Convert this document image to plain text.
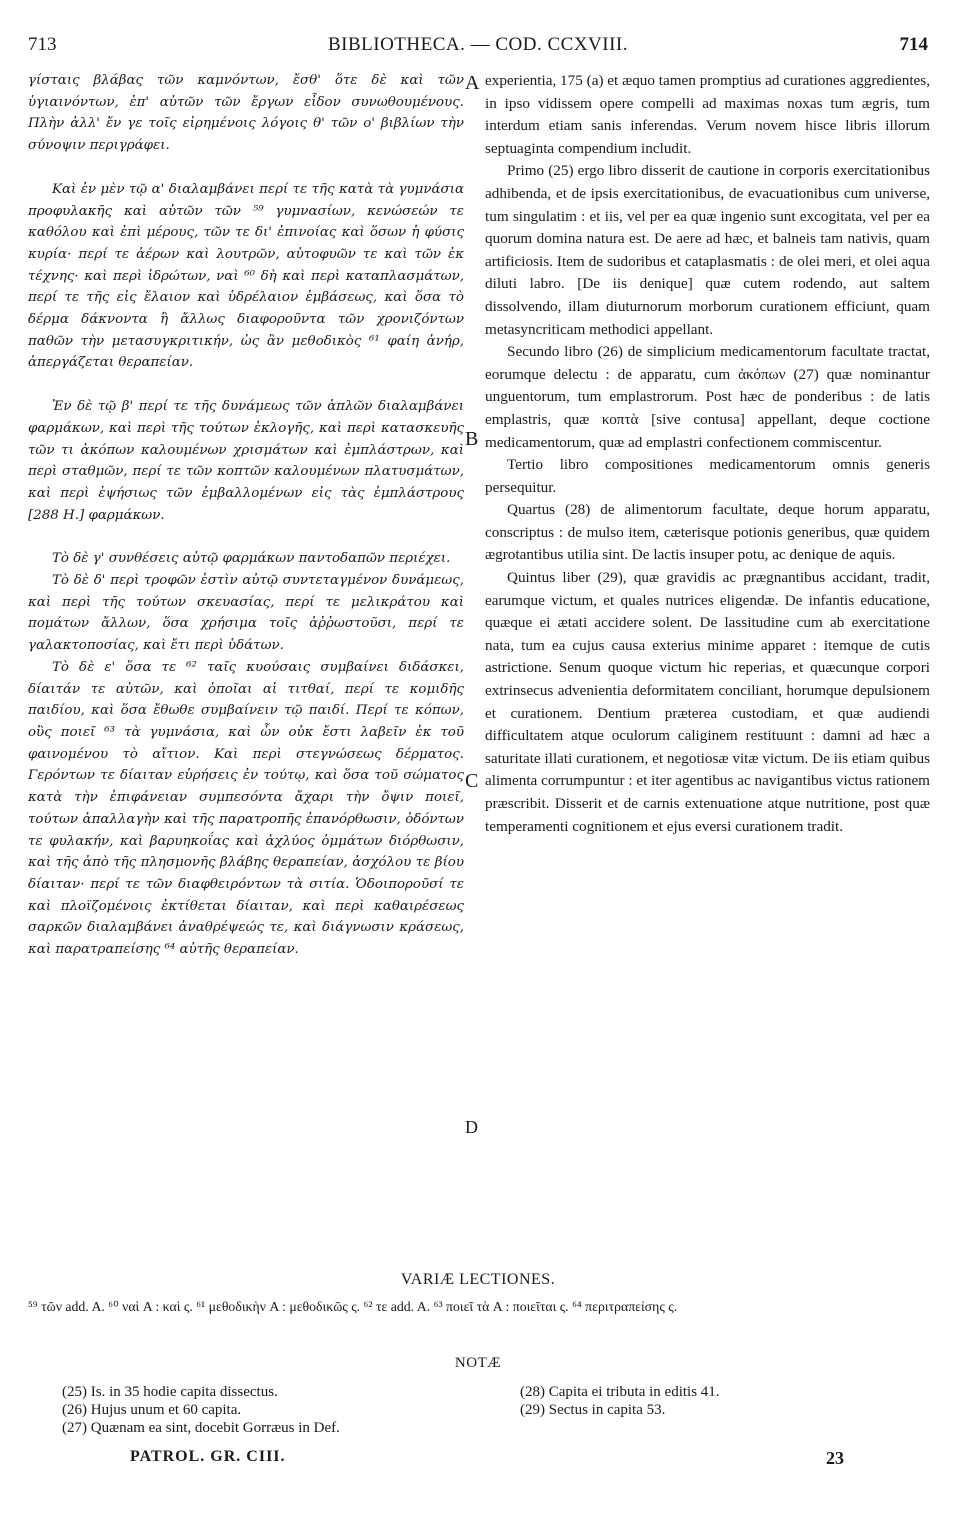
713	BIBLIOTHECA. — COD. CCXVIII.	714

γίσταις βλάβας τῶν καμνόντων, ἔσθ' ὅτε δὲ καὶ τῶν ὑγιαινόντων, ἐπ' αὐτῶν τῶν ἔργων εἶδον συνωθουμένους. Πλὴν ἀλλ' ἔν γε τοῖς εἰρημένοις λόγοις θ' τῶν ο' βιβλίων τὴν σύνοψιν περιγράφει.

Καὶ ἐν μὲν τῷ α' διαλαμβάνει περί τε τῆς κατὰ τὰ γυμνάσια προφυλακῆς καὶ αὐτῶν τῶν ⁵⁹ γυμνασίων, κενώσεών τε καθόλου καὶ ἐπὶ μέρους, τῶν τε δι' ἐπινοίας καὶ ὅσων ἡ φύσις κυρία· περί τε ἀέρων καὶ λουτρῶν, αὐτοφυῶν τε καὶ τῶν ἐκ τέχνης· καὶ περὶ ἱδρώτων, ναὶ ⁶⁰ δὴ καὶ περὶ καταπλασμάτων, περί τε τῆς εἰς ἔλαιον καὶ ὑδρέλαιον ἐμβάσεως, καὶ ὅσα τὸ δέρμα δάκνοντα ἢ ἄλλως διαφοροῦντα τῶν χρονιζόντων παθῶν τὴν μετασυγκριτικήν, ὡς ἂν μεθοδικὸς ⁶¹ φαίη ἀνήρ, ἀπεργάζεται θεραπείαν.

Ἐν δὲ τῷ β' περί τε τῆς δυνάμεως τῶν ἁπλῶν διαλαμβάνει φαρμάκων, καὶ περὶ τῆς τούτων ἐκλογῆς, καὶ περὶ κατασκευῆς τῶν τι ἀκόπων καλουμένων χρισμάτων καὶ ἐμπλάστρων, καὶ περὶ σταθμῶν, περί τε τῶν κοπτῶν καλουμένων πλατυσμάτων, καὶ περὶ ἑψήσιως τῶν ἐμβαλλομένων εἰς τὰς ἐμπλάστρους [288 H.] φαρμάκων.

Τὸ δὲ γ' συνθέσεις αὐτῷ φαρμάκων παντοδαπῶν περιέχει.

Τὸ δὲ δ' περὶ τροφῶν ἐστὶν αὐτῷ συντεταγμένον δυνάμεως, καὶ περὶ τῆς τούτων σκευασίας, περί τε μελικράτου καὶ πομάτων ἄλλων, ὅσα χρήσιμα τοῖς ἀῤῥωστοῦσι, περί τε γαλακτοποσίας, καὶ ἔτι περὶ ὑδάτων.

Τὸ δὲ ε' ὅσα τε ⁶² ταῖς κυούσαις συμβαίνει διδάσκει, δίαιτάν τε αὐτῶν, καὶ ὁποῖαι αἱ τιτθαί, περί τε κομιδῆς παιδίου, καὶ ὅσα ἔθωθε συμβαίνειν τῷ παιδί. Περί τε κόπων, οὓς ποιεῖ ⁶³ τὰ γυμνάσια, καὶ ὧν οὐκ ἔστι λαβεῖν ἐκ τοῦ φαινομένου τὸ αἴτιον. Καὶ περὶ στεγνώσεως δέρματος. Γερόντων τε δίαιταν εὑρήσεις ἐν τούτῳ, καὶ ὅσα τοῦ σώματος κατὰ τὴν ἐπιφάνειαν συμπεσόντα ἄχαρι τὴν ὄψιν ποιεῖ, τούτων ἀπαλλαγὴν καὶ τῆς παρατροπῆς ἐπανόρθωσιν, ὀδόντων τε φυλακήν, καὶ βαρυηκοΐας καὶ ἀχλύος ὀμμάτων διόρθωσιν, καὶ τῆς ἀπὸ τῆς πλησμονῆς βλάβης θεραπείαν, ἀσχόλου τε βίου δίαιταν· περί τε τῶν διαφθειρόντων τὰ σιτία. Ὁδοιποροῦσί τε καὶ πλοϊζομένοις ἐκτίθεται δίαιταν, καὶ περὶ καθαιρέσεως σαρκῶν διαλαμβάνει ἀναθρέψεώς τε, καὶ διάγνωσιν κράσεως, καὶ παρατραπείσης ⁶⁴ αὐτῆς θεραπείαν.

A
B
C
D

experientia, 175 (a) et æquo tamen promptius ad curationes aggredientes, in ipso vidissem opere compelli ad maximas noxas tum ægris, tum interdum etiam sanis inferendas. Verum novem hisce libris illorum septuaginta compendium includit.

Primo (25) ergo libro disserit de cautione in corporis exercitationibus adhibenda, et de ipsis exercitationibus, de evacuationibus cum universe, tum singulatim : et iis, vel per ea quæ ingenio sunt excogitata, vel per ea quorum domina natura est. De aere ad hæc, et balneis tam nativis, quam artificiosis. Item de sudoribus et cataplasmatis : de olei meri, et olei aqua diluti labro. [De iis denique] quæ cutem rodendo, aut saltem dissolvendo, illam diuturnorum morborum curationem efficiunt, quam metasyncriticam methodici appellant.

Secundo libro (26) de simplicium medicamentorum facultate tractat, eorumque delectu : de apparatu, cum ἀκόπων (27) quæ nominantur unguentorum, tum emplastrorum. Post hæc de ponderibus : de latis emplastris, quæ κοπτὰ [sive contusa] appellant, deque coctione medicamentorum, quæ ad emplastri confectionem commiscentur.

Tertio libro compositiones medicamentorum omnis generis persequitur.

Quartus (28) de alimentorum facultate, deque horum apparatu, conscriptus : de mulso item, cæterisque potionis generibus, quæ quidem ægrotantibus utilia sint. De lactis insuper potu, ac denique de aquis.

Quintus liber (29), quæ gravidis ac prægnantibus accidant, tradit, earumque victum, et quales nutrices eligendæ. De infantis educatione, quæque ei ætati accidere solent. De lassitudine cum ab exercitatione nata, tum ea cujus causa exterius minime apparet : itemque de cutis astrictione. Senum quoque victum hic reperias, et quæcunque corpori extrinsecus advenientia deformitatem conciliant, horumque depulsionem et curationem. Dentium præterea custodiam, et quæ audiendi difficultatem atque oculorum caliginem restituunt : damni ad hæc a saturitate illati curationem, et negotiosæ vitæ victum. De iis etiam quibus alimenta corrumpuntur : et iter agentibus ac navigantibus victus rationem præscribit. Disserit et de carnis extenuatione atque nutritione, post quæ temperamenti cognitionem et ejus eversi curationem tradit.

VARIÆ LECTIONES.
⁵⁹ τῶν add. A. ⁶⁰ ναὶ A : καὶ ς. ⁶¹ μεθοδικὴν A : μεθοδικῶς ς. ⁶² τε add. A. ⁶³ ποιεῖ τὰ A : ποιεῖται ς. ⁶⁴ περιτραπείσης ς.
NOTÆ
(25) Is. in 35 hodie capita dissectus.
(26) Hujus unum et 60 capita.
(27) Quænam ea sint, docebit Gorræus in Def.
(28) Capita ei tributa in editis 41.
(29) Sectus in capita 53.
PATROL. GR. CIII.	23
